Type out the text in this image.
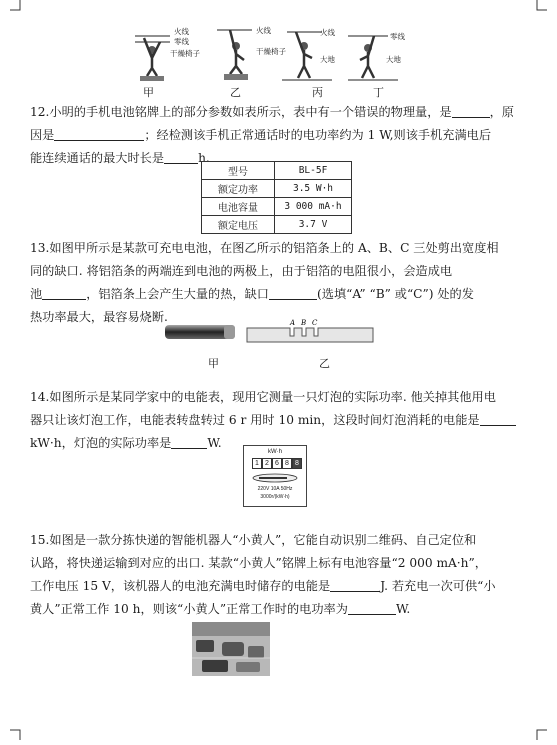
火线
零线
干燥椅子
火线
干燥椅子
火线
大地
零线
大地
甲	乙	丙	丁
12.小明的手机电池铭牌上的部分参数如表所示，表中有一个错误的物理量，是	，原
因是	；经检测该手机正常通话时的电功率约为 1 W,则该手机充满电后
能连续通话的最大时长是	h.
型号	BL-5F
额定功率	3.5 W·h
电池容量	3 000 mA·h
额定电压	3.7 V
13.如图甲所示是某款可充电电池，在图乙所示的铝箔条上的 A、B、C 三处剪出宽度相
同的缺口. 将铝箔条的两端连到电池的两极上，由于铝箔的电阻很小，会造成电
池	，铝箔条上会产生大量的热，缺口	(选填“A” “B” 或“C”) 处的发
热功率最大，最容易烧断.	A B C
甲	乙
14.如图所示是某同学家中的电能表，现用它测量一只灯泡的实际功率. 他关掉其他用电
器只让该灯泡工作，电能表转盘转过 6 r 用时 10 min，这段时间灯泡消耗的电能是
kW·h，灯泡的实际功率是	W.
kW·h
1 2 6 8 8
220V 10A 50Hz
3000r/(kW·h)
15.如图是一款分拣快递的智能机器人“小黄人”，它能自动识别二维码、自己定位和
认路，将快递运输到对应的出口. 某款“小黄人”铭牌上标有电池容量“2 000 mA·h”，
工作电压 15 V，该机器人的电池充满电时储存的电能是	J. 若充电一次可供“小
黄人”正常工作 10 h，则该“小黄人”正常工作时的电功率为	W.
